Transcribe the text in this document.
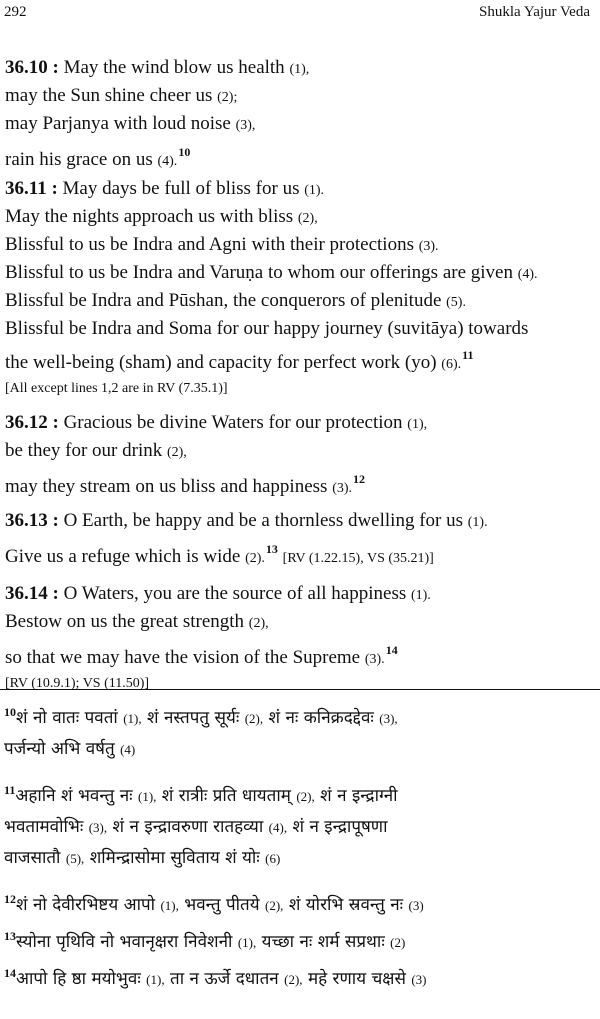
292	Shukla Yajur Veda
36.10 : May the wind blow us health (1),
may the Sun shine cheer us (2);
may Parjanya with loud noise (3),
rain his grace on us (4).$^{10}$
36.11 : May days be full of bliss for us (1).
May the nights approach us with bliss (2),
Blissful to us be Indra and Agni with their protections (3).
Blissful to us be Indra and Varuṇa to whom our offerings are given (4).
Blissful be Indra and Pūshan, the conquerors of plenitude (5).
Blissful be Indra and Soma for our happy journey (suvitāya) towards
the well-being (sham) and capacity for perfect work (yo) (6).$^{11}$
[All except lines 1,2 are in RV (7.35.1)]
36.12 : Gracious be divine Waters for our protection (1),
be they for our drink (2),
may they stream on us bliss and happiness (3).$^{12}$
36.13 : O Earth, be happy and be a thornless dwelling for us (1).
Give us a refuge which is wide (2).$^{13}$ [RV (1.22.15), VS (35.21)]
36.14 : O Waters, you are the source of all happiness (1).
Bestow on us the great strength (2),
so that we may have the vision of the Supreme (3).$^{14}$
[RV (10.9.1); VS (11.50)]
$^{10}$शं नो वातः पवतां (1), शं नस्तपतु सूर्यः (2), शं नः कनिक्रदद्देवः (3),
पर्जन्यो अभि वर्षतु (4)
$^{11}$अहानि शं भवन्तु नः (1), शं रात्रीः प्रति धायताम् (2), शं न इन्द्राग्नी
भवतामवोभिः (3), शं न इन्द्रावरुणा रातहव्या (4), शं न इन्द्रापूषणा
वाजसातौ (5), शमिन्द्रासोमा सुविताय शं योः (6)
$^{12}$शं नो देवीरभिष्टय आपो (1), भवन्तु पीतये (2), शं योरभि स्रवन्तु नः (3)
$^{13}$स्योना पृथिवि नो भवानृक्षरा निवेशनी (1), यच्छा नः शर्म सप्रथाः (2)
$^{14}$आपो हि ष्ठा मयोभुवः (1), ता न ऊर्जे दधातन (2), महे रणाय चक्षसे (3)
